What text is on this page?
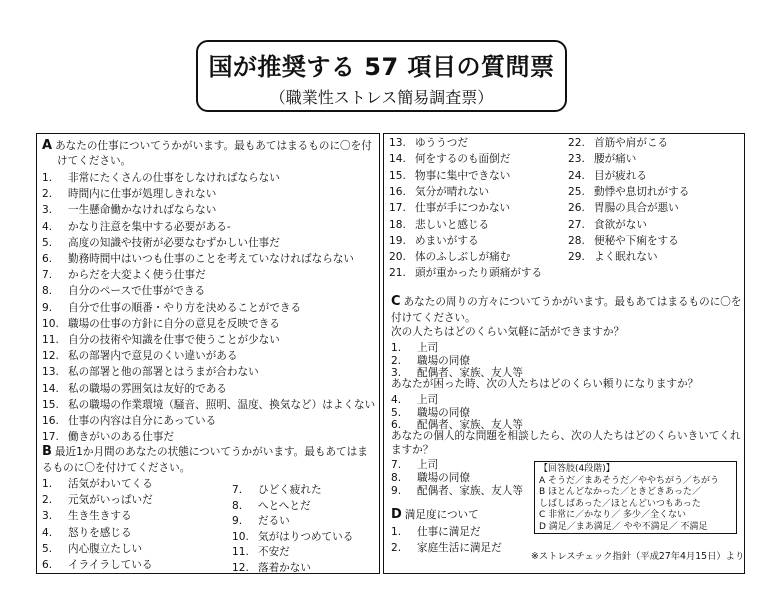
国が推奨する 57 項目の質問票
（職業性ストレス簡易調査票）
A あなたの仕事についてうかがいます。最もあてはまるものに〇を付
けてください。
1. 非常にたくさんの仕事をしなければならない
2. 時間内に仕事が処理しきれない
3. 一生懸命働かなければならない
4. かなり注意を集中する必要がある-
5. 高度の知識や技術が必要なむずかしい仕事だ
6. 勤務時間中はいつも仕事のことを考えていなければならない
7. からだを大変よく使う仕事だ
8. 自分のペースで仕事ができる
9. 自分で仕事の順番・やり方を決めることができる
10. 職場の仕事の方針に自分の意見を反映できる
11. 自分の技術や知識を仕事で使うことが少ない
12. 私の部署内で意見のくい違いがある
13. 私の部署と他の部署とはうまが合わない
14. 私の職場の雰囲気は友好的である
15. 私の職場の作業環境（騒音、照明、温度、換気など）はよくない
16. 仕事の内容は自分にあっている
17. 働きがいのある仕事だ
B 最近1か月間のあなたの状態についてうかがいます。最もあてはま
るものに〇を付けてください。
1. 活気がわいてくる
2. 元気がいっぱいだ
3. 生き生きする
4. 怒りを感じる
5. 内心腹立たしい
6. イライラしている
7. ひどく疲れた
8. へとへとだ
9. だるい
10. 気がはりつめている
11. 不安だ
12. 落着かない
13. ゆううつだ
14. 何をするのも面倒だ
15. 物事に集中できない
16. 気分が晴れない
17. 仕事が手につかない
18. 悲しいと感じる
19. めまいがする
20. 体のふしぶしが痛む
21. 頭が重かったり頭痛がする
22. 首筋や肩がこる
23. 腰が痛い
24. 目が疲れる
25. 動悸や息切れがする
26. 胃腸の具合が悪い
27. 食欲がない
28. 便秘や下痢をする
29. よく眠れない
C あなたの周りの方々についてうかがいます。最もあてはまるものに〇を
付けてください。
次の人たちはどのくらい気軽に話ができますか？
1. 上司
2. 職場の同僚
3. 配偶者、家族、友人等
あなたが困った時、次の人たちはどのくらい頼りになりますか？
4. 上司
5. 職場の同僚
6. 配偶者、家族、友人等
あなたの個人的な問題を相談したら、次の人たちはどのくらいきいてくれ
ますか？
7. 上司
8. 職場の同僚
9. 配偶者、家族、友人等
D 満足度について
1. 仕事に満足だ
2. 家庭生活に満足だ
【回答肢(4段階)】
A そうだ／まあそうだ／ややちがう／ちがう
B ほとんどなかった／ときどきあった／
しばしばあった／ほとんどいつもあった
C 非常に／かなり／ 多少／全くない
D 満足／まあ満足／ やや不満足／ 不満足
※ストレスチェック指針（平成27年4月15日）より
